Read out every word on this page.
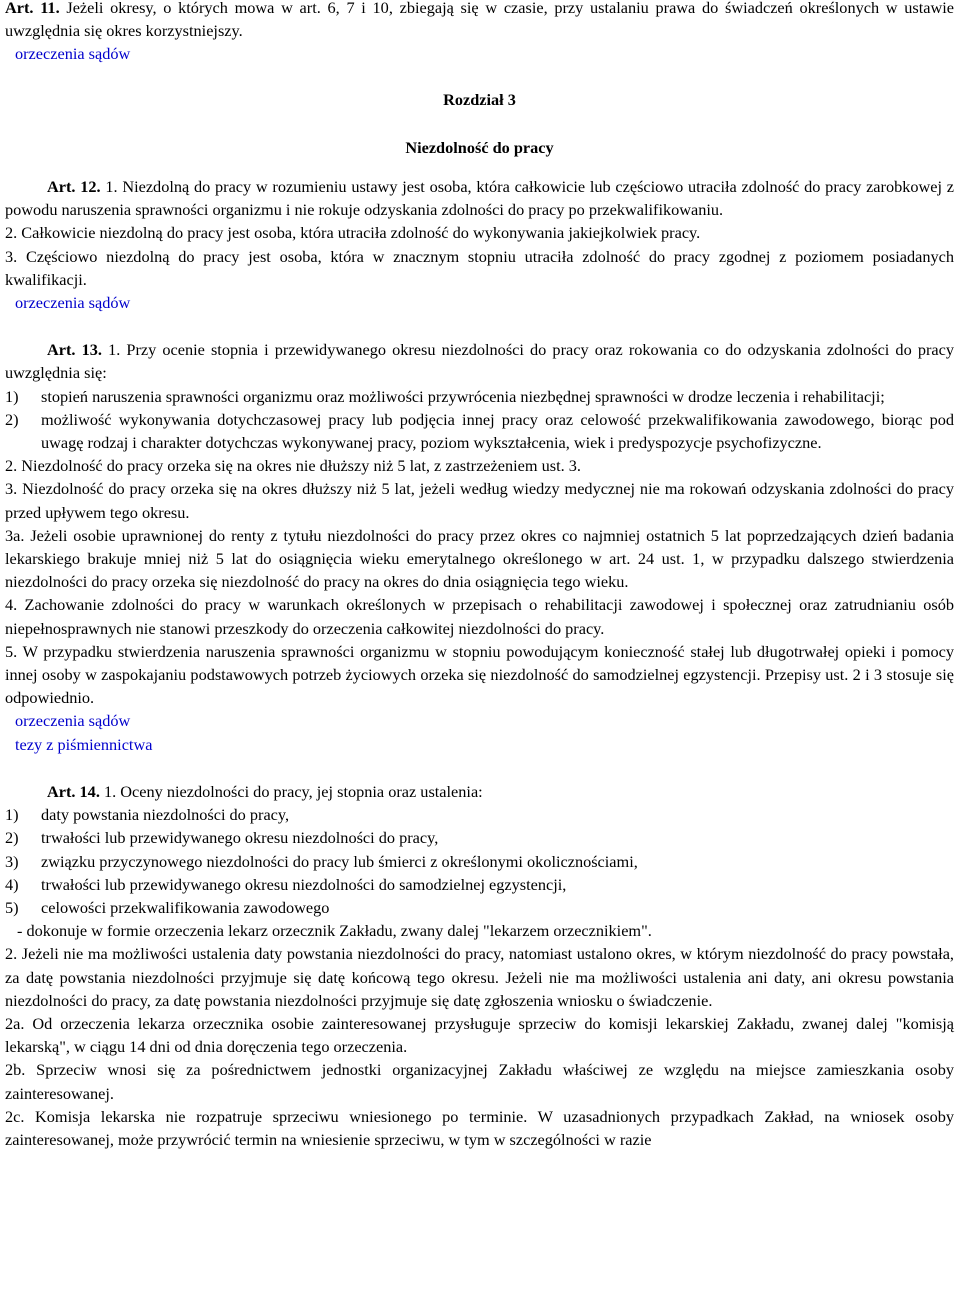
Art. 11. Jeżeli okresy, o których mowa w art. 6, 7 i 10, zbiegają się w czasie, przy ustalaniu prawa do świadczeń określonych w ustawie uwzględnia się okres korzystniejszy.

orzeczenia sądów

Rozdział 3

Niezdolność do pracy

Art. 12. 1. Niezdolną do pracy w rozumieniu ustawy jest osoba, która całkowicie lub częściowo utraciła zdolność do pracy zarobkowej z powodu naruszenia sprawności organizmu i nie rokuje odzyskania zdolności do pracy po przekwalifikowaniu.

2. Całkowicie niezdolną do pracy jest osoba, która utraciła zdolność do wykonywania jakiejkolwiek pracy.

3. Częściowo niezdolną do pracy jest osoba, która w znacznym stopniu utraciła zdolność do pracy zgodnej z poziomem posiadanych kwalifikacji.

orzeczenia sądów

Art. 13. 1. Przy ocenie stopnia i przewidywanego okresu niezdolności do pracy oraz rokowania co do odzyskania zdolności do pracy uwzględnia się:

1)	stopień naruszenia sprawności organizmu oraz możliwości przywrócenia niezbędnej sprawności w drodze leczenia i rehabilitacji;
2)	możliwość wykonywania dotychczasowej pracy lub podjęcia innej pracy oraz celowość przekwalifikowania zawodowego, biorąc pod uwagę rodzaj i charakter dotychczas wykonywanej pracy, poziom wykształcenia, wiek i predyspozycje psychofizyczne.

2. Niezdolność do pracy orzeka się na okres nie dłuższy niż 5 lat, z zastrzeżeniem ust. 3.

3. Niezdolność do pracy orzeka się na okres dłuższy niż 5 lat, jeżeli według wiedzy medycznej nie ma rokowań odzyskania zdolności do pracy przed upływem tego okresu.

3a. Jeżeli osobie uprawnionej do renty z tytułu niezdolności do pracy przez okres co najmniej ostatnich 5 lat poprzedzających dzień badania lekarskiego brakuje mniej niż 5 lat do osiągnięcia wieku emerytalnego określonego w art. 24 ust. 1, w przypadku dalszego stwierdzenia niezdolności do pracy orzeka się niezdolność do pracy na okres do dnia osiągnięcia tego wieku.

4. Zachowanie zdolności do pracy w warunkach określonych w przepisach o rehabilitacji zawodowej i społecznej oraz zatrudnianiu osób niepełnosprawnych nie stanowi przeszkody do orzeczenia całkowitej niezdolności do pracy.

5. W przypadku stwierdzenia naruszenia sprawności organizmu w stopniu powodującym konieczność stałej lub długotrwałej opieki i pomocy innej osoby w zaspokajaniu podstawowych potrzeb życiowych orzeka się niezdolność do samodzielnej egzystencji. Przepisy ust. 2 i 3 stosuje się odpowiednio.

orzeczenia sądów
tezy z piśmiennictwa

Art. 14. 1. Oceny niezdolności do pracy, jej stopnia oraz ustalenia:

1)	daty powstania niezdolności do pracy,
2)	trwałości lub przewidywanego okresu niezdolności do pracy,
3)	związku przyczynowego niezdolności do pracy lub śmierci z określonymi okolicznościami,
4)	trwałości lub przewidywanego okresu niezdolności do samodzielnej egzystencji,
5)	celowości przekwalifikowania zawodowego

- dokonuje w formie orzeczenia lekarz orzecznik Zakładu, zwany dalej "lekarzem orzecznikiem".

2. Jeżeli nie ma możliwości ustalenia daty powstania niezdolności do pracy, natomiast ustalono okres, w którym niezdolność do pracy powstała, za datę powstania niezdolności przyjmuje się datę końcową tego okresu. Jeżeli nie ma możliwości ustalenia ani daty, ani okresu powstania niezdolności do pracy, za datę powstania niezdolności przyjmuje się datę zgłoszenia wniosku o świadczenie.

2a. Od orzeczenia lekarza orzecznika osobie zainteresowanej przysługuje sprzeciw do komisji lekarskiej Zakładu, zwanej dalej "komisją lekarską", w ciągu 14 dni od dnia doręczenia tego orzeczenia.

2b. Sprzeciw wnosi się za pośrednictwem jednostki organizacyjnej Zakładu właściwej ze względu na miejsce zamieszkania osoby zainteresowanej.

2c. Komisja lekarska nie rozpatruje sprzeciwu wniesionego po terminie. W uzasadnionych przypadkach Zakład, na wniosek osoby zainteresowanej, może przywrócić termin na wniesienie sprzeciwu, w tym w szczególności w razie
